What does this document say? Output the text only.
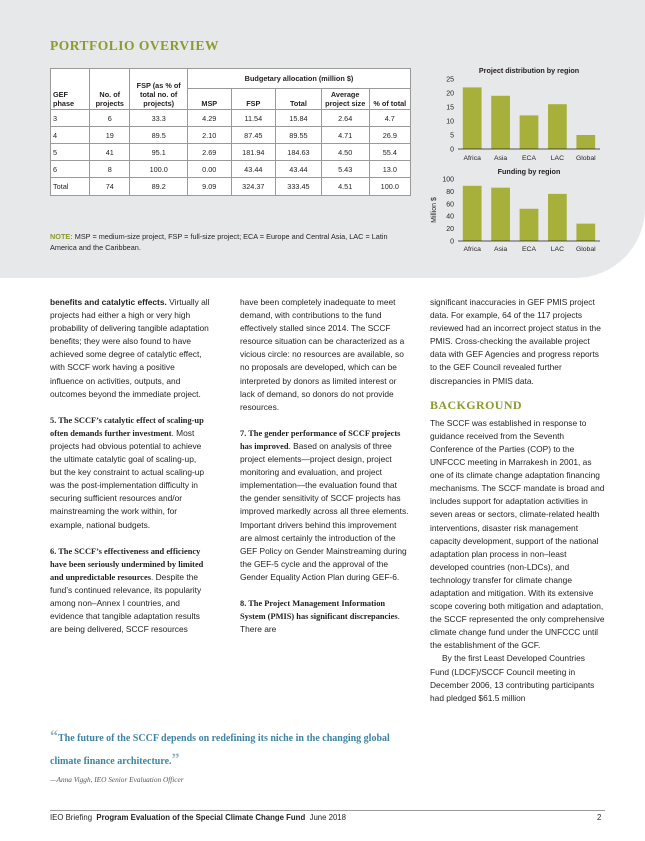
PORTFOLIO OVERVIEW
GEF phase	No. of projects	FSP (as % of total no. of projects)	Budgetary allocation (million $)				
			MSP	FSP	Total	Average project size	% of total
3	6	33.3	4.29	11.54	15.84	2.64	4.7
4	19	89.5	2.10	87.45	89.55	4.71	26.9
5	41	95.1	2.69	181.94	184.63	4.50	55.4
6	8	100.0	0.00	43.44	43.44	5.43	13.0
Total	74	89.2	9.09	324.37	333.45	4.51	100.0
NOTE: MSP = medium-size project, FSP = full-size project; ECA = Europe and Central Asia, LAC = Latin America and the Caribbean.
Project distribution by region
0
5
10
15
20
25
Africa Asia ECA LAC Global
Funding by region
0
20
40
60
80
100
Million $
Africa Asia ECA LAC Global

benefits and catalytic effects. Virtually all projects had either a high or very high probability of delivering tangible adaptation benefits; they were also found to have achieved some degree of catalytic effect, with SCCF work having a positive influence on activities, outputs, and outcomes beyond the immediate project.

5. The SCCF’s catalytic effect of scaling-up often demands further investment. Most projects had obvious potential to achieve the ultimate catalytic goal of scaling-up, but the key constraint to actual scaling-up was the post-implementation difficulty in securing sufficient resources and/or mainstreaming the work within, for example, national budgets.

6. The SCCF’s effectiveness and efficiency have been seriously undermined by limited and unpredictable resources. Despite the fund’s continued relevance, its popularity among non–Annex I countries, and evidence that tangible adaptation results are being delivered, SCCF resources

have been completely inadequate to meet demand, with contributions to the fund effectively stalled since 2014. The SCCF resource situation can be characterized as a vicious circle: no resources are available, so no proposals are developed, which can be interpreted by donors as limited interest or lack of demand, so donors do not provide resources.

7. The gender performance of SCCF projects has improved. Based on analysis of three project elements—project design, project monitoring and evaluation, and project implementation—the evaluation found that the gender sensitivity of SCCF projects has improved markedly across all three elements. Important drivers behind this improvement are almost certainly the introduction of the GEF Policy on Gender Mainstreaming during the GEF-5 cycle and the approval of the Gender Equality Action Plan during GEF-6.

8. The Project Management Information System (PMIS) has significant discrepancies. There are

significant inaccuracies in GEF PMIS project data. For example, 64 of the 117 projects reviewed had an incorrect project status in the PMIS. Cross-checking the available project data with GEF Agencies and progress reports to the GEF Council revealed further discrepancies in PMIS data.

BACKGROUND

The SCCF was established in response to guidance received from the Seventh Conference of the Parties (COP) to the UNFCCC meeting in Marrakesh in 2001, as one of its climate change adaptation financing mechanisms. The SCCF mandate is broad and includes support for adaptation activities in seven areas or sectors, climate-related health interventions, disaster risk management capacity development, support of the national adaptation plan process in non–least developed countries (non-LDCs), and technology transfer for climate change adaptation and mitigation. With its extensive scope covering both mitigation and adaptation, the SCCF represented the only comprehensive climate change fund under the UNFCCC until the establishment of the GCF.

By the first Least Developed Countries Fund (LDCF)/SCCF Council meeting in December 2006, 13 contributing participants had pledged $61.5 million

“The future of the SCCF depends on redefining its niche in the changing global climate finance architecture.”
—Anna Viggh, IEO Senior Evaluation Officer
IEO Briefing Program Evaluation of the Special Climate Change Fund June 2018	2
